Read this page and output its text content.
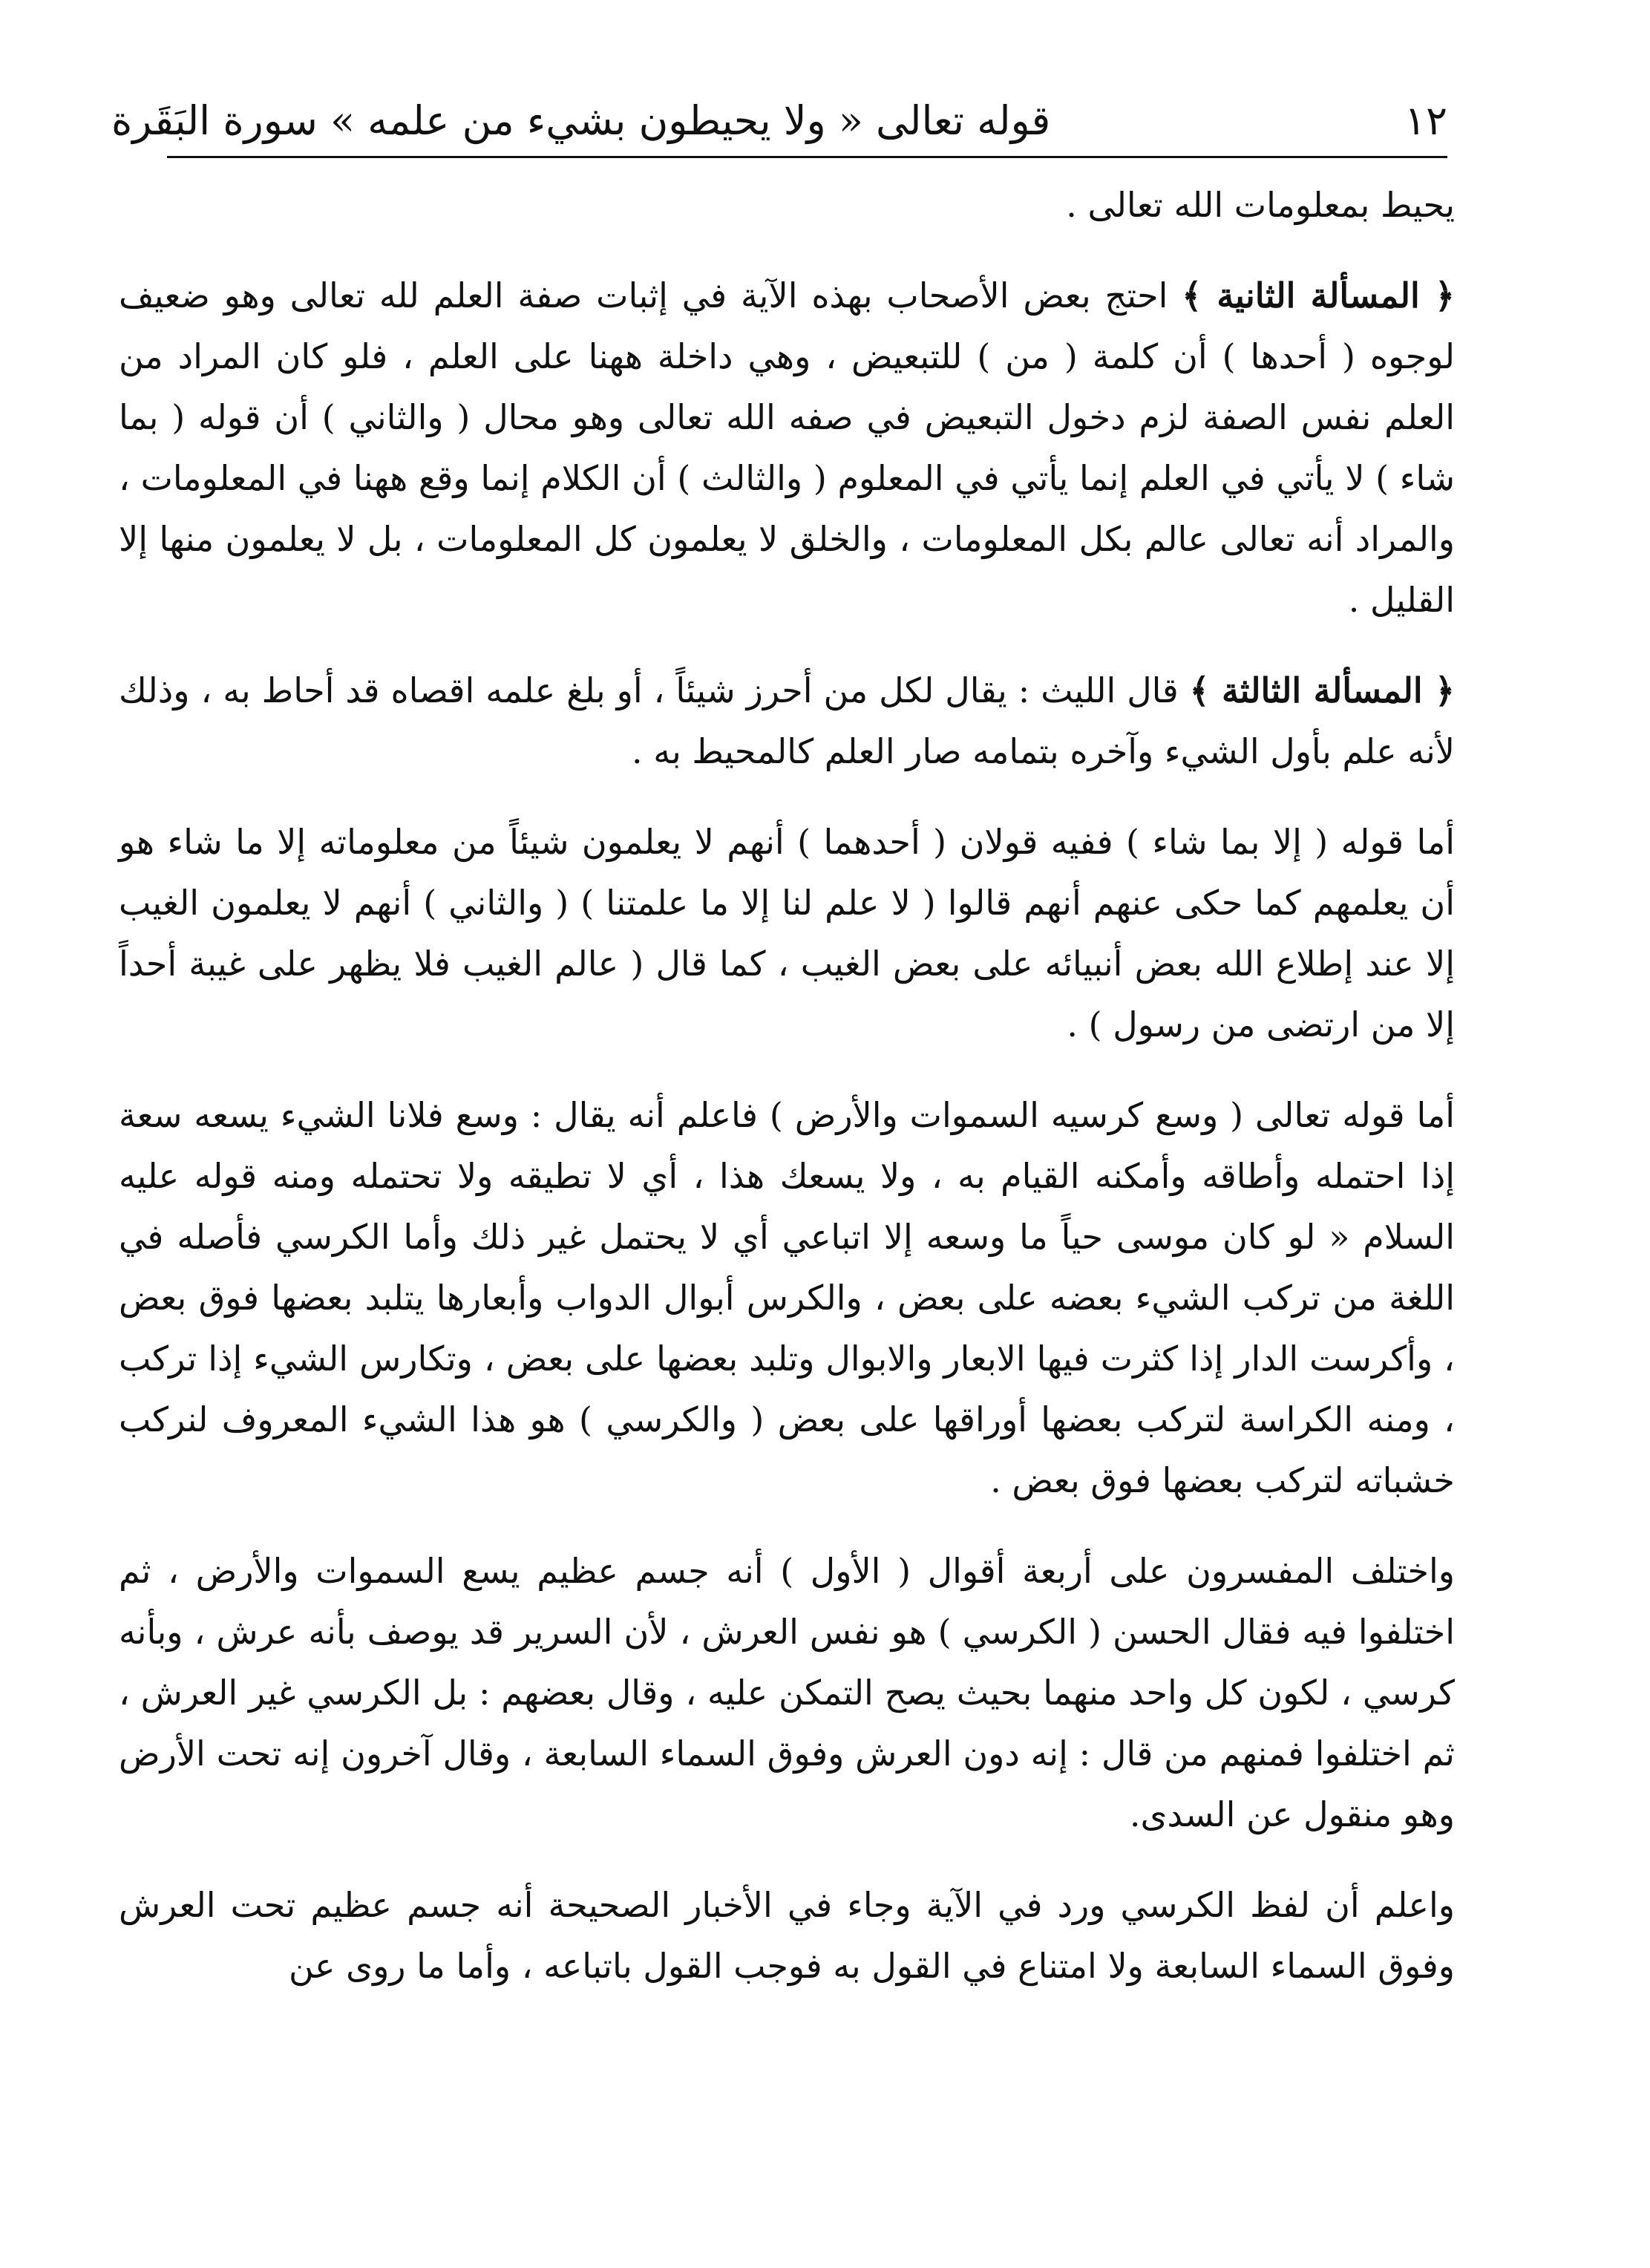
١٢
قوله تعالى « ولا يحيطون بشيء من علمه » سورة البَقَرة

يحيط بمعلومات الله تعالى .

﴿ المسألة الثانية ﴾ احتج بعض الأصحاب بهذه الآية في إثبات صفة العلم لله تعالى وهو ضعيف لوجوه ( أحدها ) أن كلمة ( من ) للتبعيض ، وهي داخلة ههنا على العلم ، فلو كان المراد من العلم نفس الصفة لزم دخول التبعيض في صفه الله تعالى وهو محال ( والثاني ) أن قوله ( بما شاء ) لا يأتي في العلم إنما يأتي في المعلوم ( والثالث ) أن الكلام إنما وقع ههنا في المعلومات ، والمراد أنه تعالى عالم بكل المعلومات ، والخلق لا يعلمون كل المعلومات ، بل لا يعلمون منها إلا القليل .

﴿ المسألة الثالثة ﴾ قال الليث : يقال لكل من أحرز شيئاً ، أو بلغ علمه اقصاه قد أحاط به ، وذلك لأنه علم بأول الشيء وآخره بتمامه صار العلم كالمحيط به .

أما قوله ( إلا بما شاء ) ففيه قولان ( أحدهما ) أنهم لا يعلمون شيئاً من معلوماته إلا ما شاء هو أن يعلمهم كما حكى عنهم أنهم قالوا ( لا علم لنا إلا ما علمتنا ) ( والثاني ) أنهم لا يعلمون الغيب إلا عند إطلاع الله بعض أنبيائه على بعض الغيب ، كما قال ( عالم الغيب فلا يظهر على غيبة أحداً إلا من ارتضى من رسول ) .

أما قوله تعالى ( وسع كرسيه السموات والأرض ) فاعلم أنه يقال : وسع فلانا الشيء يسعه سعة إذا احتمله وأطاقه وأمكنه القيام به ، ولا يسعك هذا ، أي لا تطيقه ولا تحتمله ومنه قوله عليه السلام « لو كان موسى حياً ما وسعه إلا اتباعي أي لا يحتمل غير ذلك وأما الكرسي فأصله في اللغة من تركب الشيء بعضه على بعض ، والكرس أبوال الدواب وأبعارها يتلبد بعضها فوق بعض ، وأكرست الدار إذا كثرت فيها الابعار والابوال وتلبد بعضها على بعض ، وتكارس الشيء إذا تركب ، ومنه الكراسة لتركب بعضها أوراقها على بعض ( والكرسي ) هو هذا الشيء المعروف لنركب خشباته لتركب بعضها فوق بعض .

واختلف المفسرون على أربعة أقوال ( الأول ) أنه جسم عظيم يسع السموات والأرض ، ثم اختلفوا فيه فقال الحسن ( الكرسي ) هو نفس العرش ، لأن السرير قد يوصف بأنه عرش ، وبأنه كرسي ، لكون كل واحد منهما بحيث يصح التمكن عليه ، وقال بعضهم : بل الكرسي غير العرش ، ثم اختلفوا فمنهم من قال : إنه دون العرش وفوق السماء السابعة ، وقال آخرون إنه تحت الأرض وهو منقول عن السدى.

واعلم أن لفظ الكرسي ورد في الآية وجاء في الأخبار الصحيحة أنه جسم عظيم تحت العرش وفوق السماء السابعة ولا امتناع في القول به فوجب القول باتباعه ، وأما ما روى عن
